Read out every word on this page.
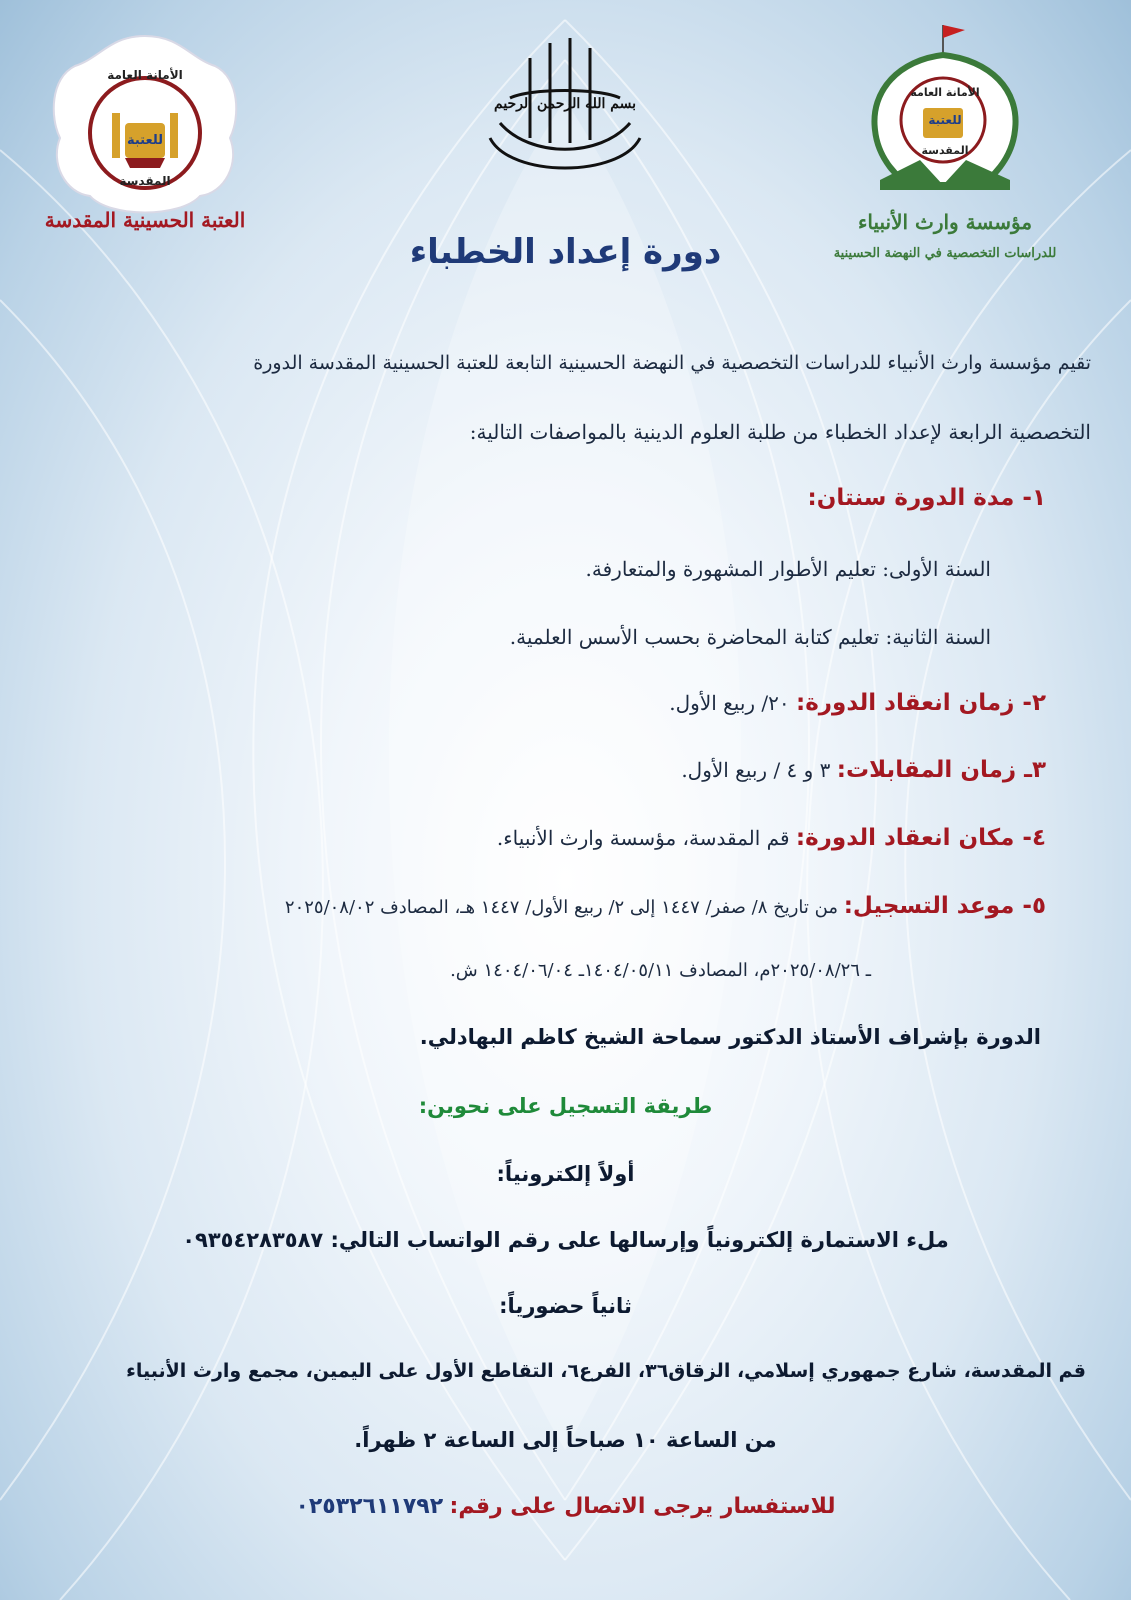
الأمانة العامة
للعتبة
المقدسة
العتبة الحسينية المقدسة
بسم الله الرحمن الرحيم
الأمانة العامة
للعتبة
المقدسة
مؤسسة وارث الأنبياء
للدراسات التخصصية في النهضة الحسينية
دورة إعداد الخطباء
تقيم مؤسسة وارث الأنبياء للدراسات التخصصية في النهضة الحسينية التابعة للعتبة الحسينية المقدسة الدورة
التخصصية الرابعة لإعداد الخطباء من طلبة العلوم الدينية بالمواصفات التالية:
١- مدة الدورة سنتان:
السنة الأولى: تعليم الأطوار المشهورة والمتعارفة.
السنة الثانية: تعليم كتابة المحاضرة بحسب الأسس العلمية.
٢- زمان انعقاد الدورة: ٢٠/ ربيع الأول.
٣ـ زمان المقابلات: ٣ و ٤ / ربيع الأول.
٤- مكان انعقاد الدورة: قم المقدسة، مؤسسة وارث الأنبياء.
٥- موعد التسجيل: من تاريخ ٨/ صفر/ ١٤٤٧ إلى ٢/ ربيع الأول/ ١٤٤٧ هـ، المصادف ٢٠٢٥/٠٨/٠٢
ـ ٢٠٢٥/٠٨/٢٦م، المصادف ١٤٠٤/٠٥/١١ـ ١٤٠٤/٠٦/٠٤ ش.
الدورة بإشراف الأستاذ الدكتور سماحة الشيخ كاظم البهادلي.
طريقة التسجيل على نحوين:
أولاً إلكترونياً:
ملء الاستمارة إلكترونياً وإرسالها على رقم الواتساب التالي: ٠٩٣٥٤٢٨٣٥٨٧
ثانياً حضورياً:
قم المقدسة، شارع جمهوري إسلامي، الزقاق٣٦، الفرع٦، التقاطع الأول على اليمين، مجمع وارث الأنبياء
من الساعة ١٠ صباحاً إلى الساعة ٢ ظهراً.
للاستفسار يرجى الاتصال على رقم: ٠٢٥٣٢٦١١٧٩٢
